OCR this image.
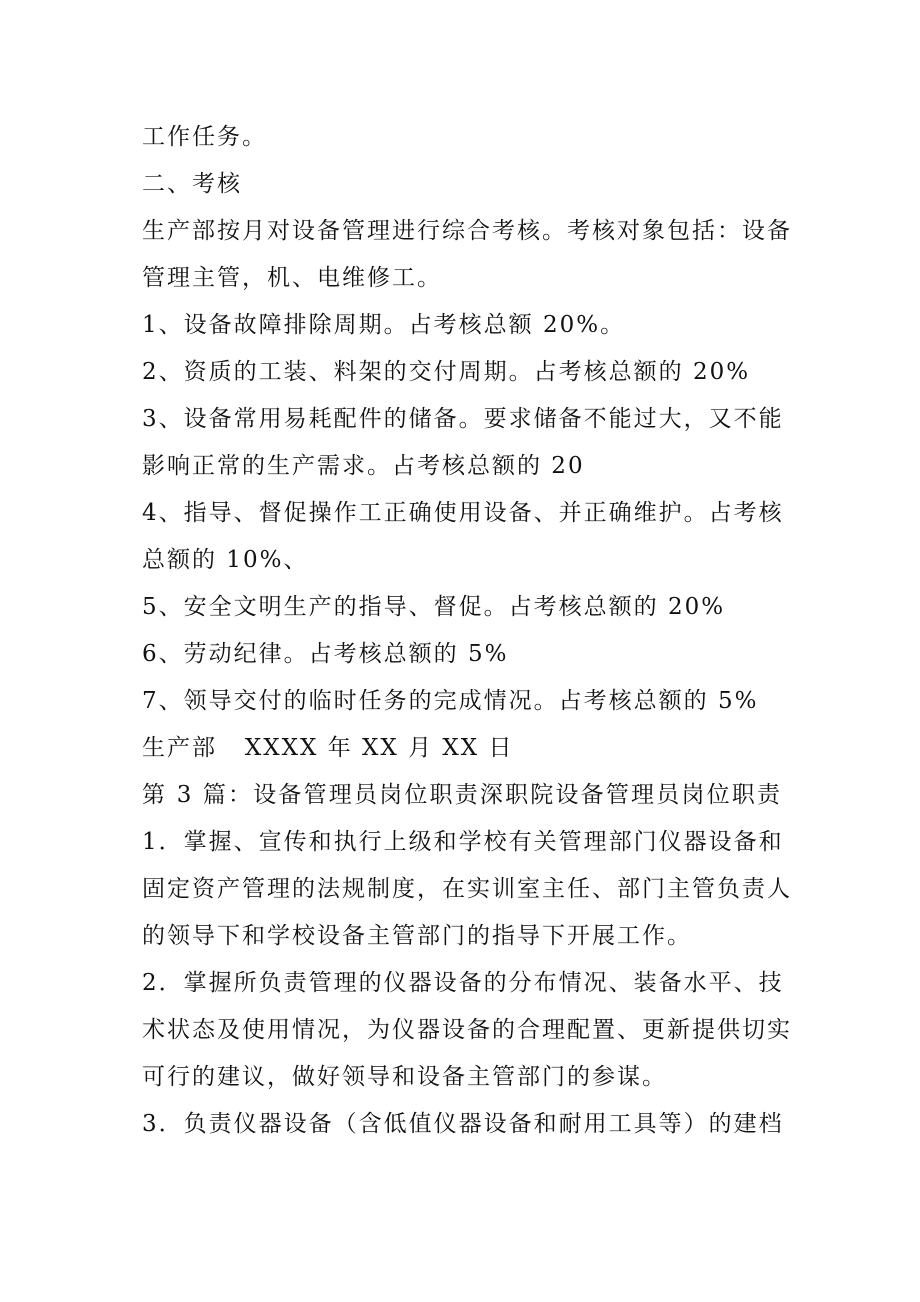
工作任务。
二、考核
生产部按月对设备管理进行综合考核。考核对象包括：设备
管理主管，机、电维修工。
1、设备故障排除周期。占考核总额 20%。
2、资质的工装、料架的交付周期。占考核总额的 20%
3、设备常用易耗配件的储备。要求储备不能过大，又不能
影响正常的生产需求。占考核总额的 20
4、指导、督促操作工正确使用设备、并正确维护。占考核
总额的 10%、
5、安全文明生产的指导、督促。占考核总额的 20%
6、劳动纪律。占考核总额的 5%
7、领导交付的临时任务的完成情况。占考核总额的 5%
生产部   XXXX 年 XX 月 XX 日
第 3 篇：设备管理员岗位职责深职院设备管理员岗位职责
1．掌握、宣传和执行上级和学校有关管理部门仪器设备和
固定资产管理的法规制度，在实训室主任、部门主管负责人
的领导下和学校设备主管部门的指导下开展工作。
2．掌握所负责管理的仪器设备的分布情况、装备水平、技
术状态及使用情况，为仪器设备的合理配置、更新提供切实
可行的建议，做好领导和设备主管部门的参谋。
3．负责仪器设备（含低值仪器设备和耐用工具等）的建档
